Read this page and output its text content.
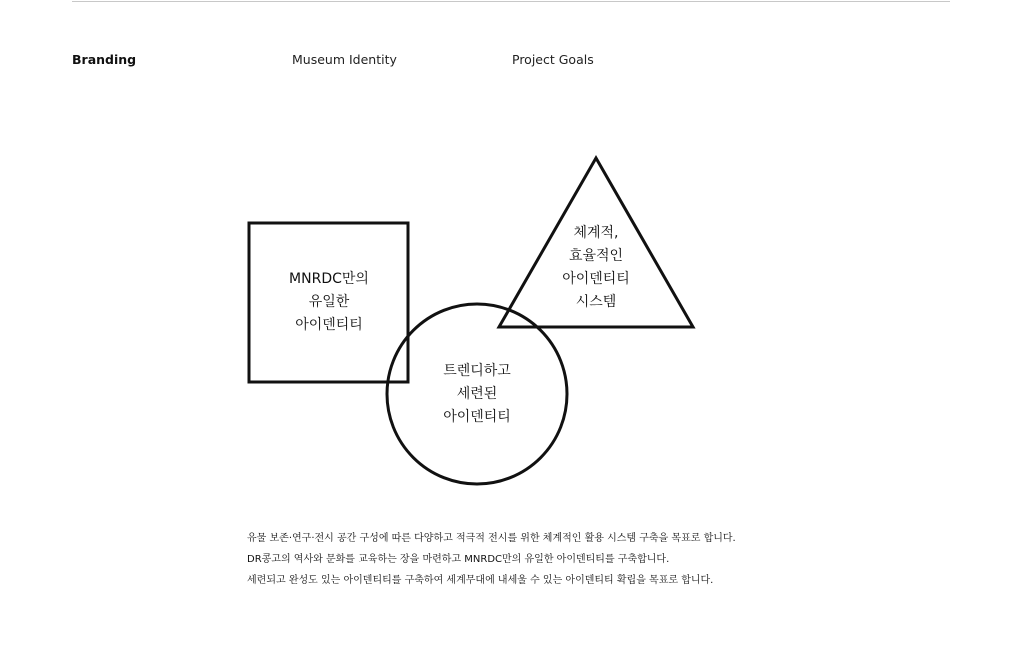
Branding	Museum Identity	Project Goals
MNRDC만의
유일한
아이덴티티
체계적,
효율적인
아이덴티티
시스템
트렌디하고
세련된
아이덴티티

유물 보존·연구·전시 공간 구성에 따른 다양하고 적극적 전시를 위한 체계적인 활용 시스템 구축을 목표로 합니다.

DR콩고의 역사와 문화를 교육하는 장을 마련하고 MNRDC만의 유일한 아이덴티티를 구축합니다.

세련되고 완성도 있는 아이덴티티를 구축하여 세계무대에 내세울 수 있는 아이덴티티 확립을 목표로 합니다.
